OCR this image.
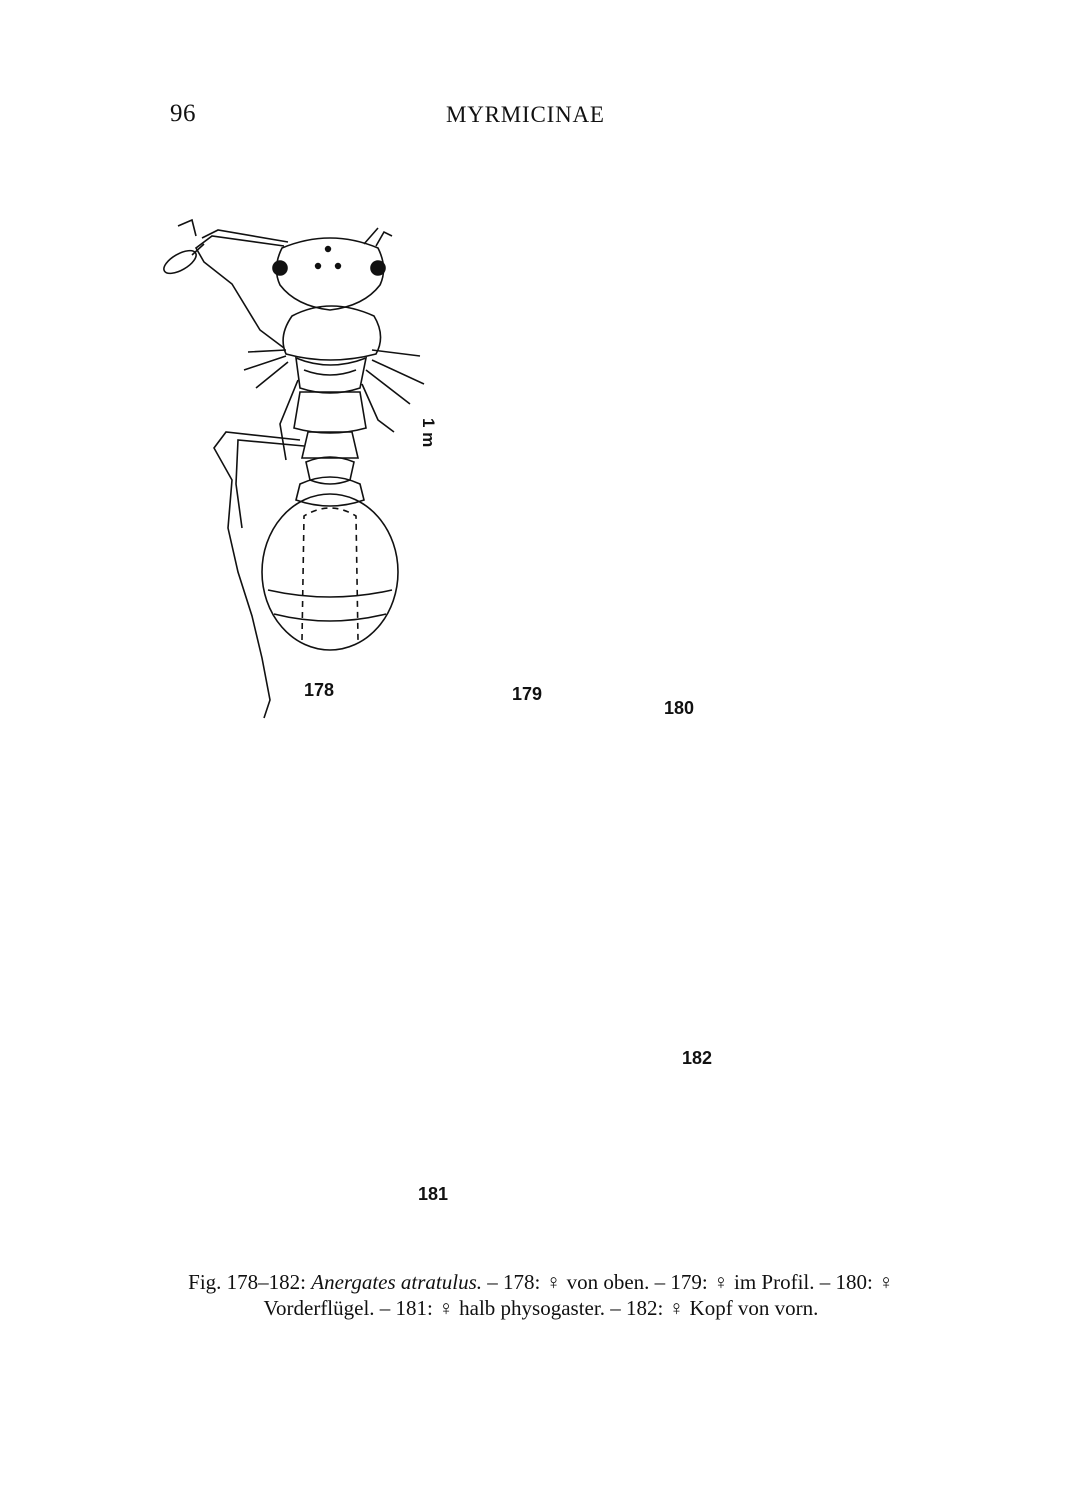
96	MYRMICINAE
178	179
180
181
182
1 m
Fig. 178–182: Anergates atratulus. – 178: ♀ von oben. – 179: ♀ im Profil. – 180: ♀
Vorderflügel. – 181: ♀ halb physogaster. – 182: ♀ Kopf von vorn.
